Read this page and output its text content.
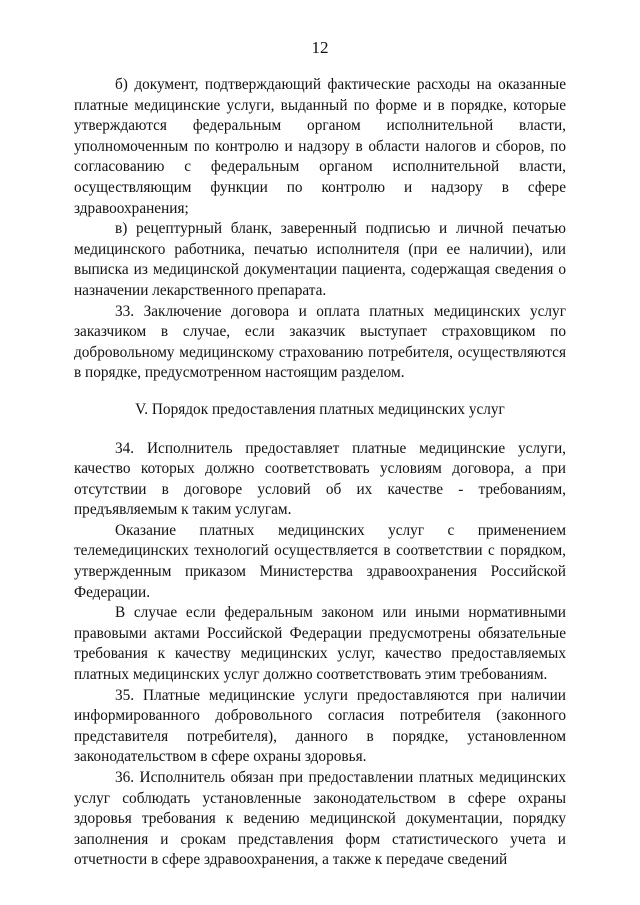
12

б) документ, подтверждающий фактические расходы на оказанные платные медицинские услуги, выданный по форме и в порядке, которые утверждаются федеральным органом исполнительной власти, уполномоченным по контролю и надзору в области налогов и сборов, по согласованию с федеральным органом исполнительной власти, осуществляющим функции по контролю и надзору в сфере здравоохранения;

в) рецептурный бланк, заверенный подписью и личной печатью медицинского работника, печатью исполнителя (при ее наличии), или выписка из медицинской документации пациента, содержащая сведения о назначении лекарственного препарата.

33. Заключение договора и оплата платных медицинских услуг заказчиком в случае, если заказчик выступает страховщиком по добровольному медицинскому страхованию потребителя, осуществляются в порядке, предусмотренном настоящим разделом.

V. Порядок предоставления платных медицинских услуг

34. Исполнитель предоставляет платные медицинские услуги, качество которых должно соответствовать условиям договора, а при отсутствии в договоре условий об их качестве - требованиям, предъявляемым к таким услугам.

Оказание платных медицинских услуг с применением телемедицинских технологий осуществляется в соответствии с порядком, утвержденным приказом Министерства здравоохранения Российской Федерации.

В случае если федеральным законом или иными нормативными правовыми актами Российской Федерации предусмотрены обязательные требования к качеству медицинских услуг, качество предоставляемых платных медицинских услуг должно соответствовать этим требованиям.

35. Платные медицинские услуги предоставляются при наличии информированного добровольного согласия потребителя (законного представителя потребителя), данного в порядке, установленном законодательством в сфере охраны здоровья.

36. Исполнитель обязан при предоставлении платных медицинских услуг соблюдать установленные законодательством в сфере охраны здоровья требования к ведению медицинской документации, порядку заполнения и срокам представления форм статистического учета и отчетности в сфере здравоохранения, а также к передаче сведений
